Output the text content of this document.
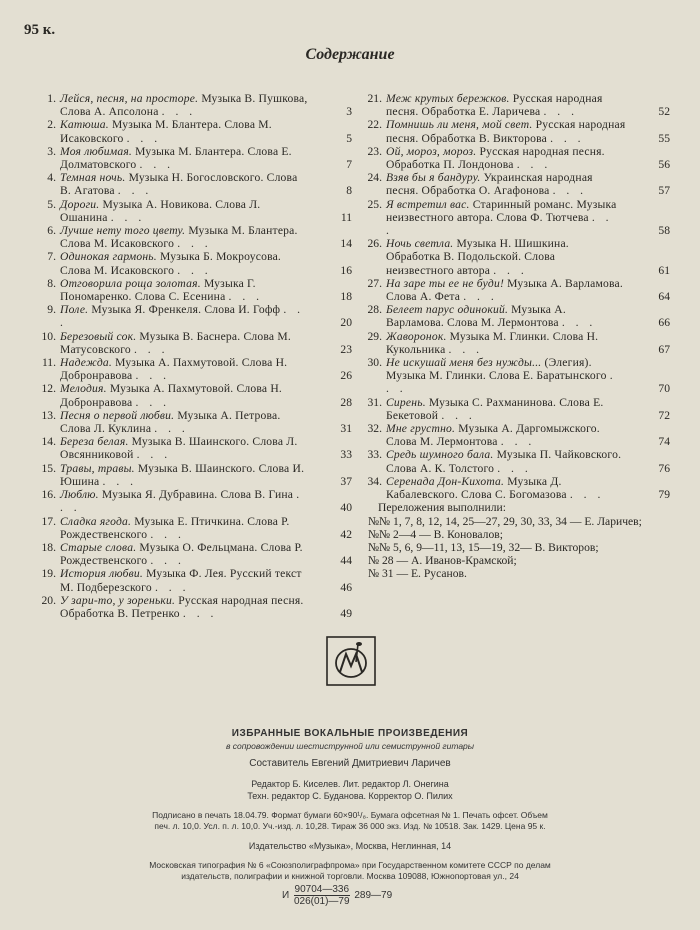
95 к.
Содержание
1. Лейся, песня, на просторе. Музыка В. Пушкова, Слова А. Апсолона . . .	3
2. Катюша. Музыка М. Блантера. Слова М. Исаковского . . .	5
3. Моя любимая. Музыка М. Блантера. Слова Е. Долматовского . . .	7
4. Темная ночь. Музыка Н. Богословского. Слова В. Агатова . . .	8
5. Дороги. Музыка А. Новикова. Слова Л. Ошанина . . .	11
6. Лучше нету того цвету. Музыка М. Блантера. Слова М. Исаковского . . .	14
7. Одинокая гармонь. Музыка Б. Мокроусова. Слова М. Исаковского . . .	16
8. Отговорила роща золотая. Музыка Г. Пономаренко. Слова С. Есенина . . .	18
9. Поле. Музыка Я. Френкеля. Слова И. Гофф . . .	20
10. Березовый сок. Музыка В. Баснера. Слова М. Матусовского . . .	23
11. Надежда. Музыка А. Пахмутовой. Слова Н. Добронравова . . .	26
12. Мелодия. Музыка А. Пахмутовой. Слова Н. Добронравова . . .	28
13. Песня о первой любви. Музыка А. Петрова. Слова Л. Куклина . . .	31
14. Береза белая. Музыка В. Шаинского. Слова Л. Овсянниковой . . .	33
15. Травы, травы. Музыка В. Шаинского. Слова И. Юшина . . .	37
16. Люблю. Музыка Я. Дубравина. Слова В. Гина . . .	40
17. Сладка ягода. Музыка Е. Птичкина. Слова Р. Рождественского . . .	42
18. Старые слова. Музыка О. Фельцмана. Слова Р. Рождественского . . .	44
19. История любви. Музыка Ф. Лея. Русский текст М. Подберезского . . .	46
20. У зари-то, у зореньки. Русская народная песня. Обработка В. Петренко . . .	49
21. Меж крутых бережков. Русская народная песня. Обработка Е. Ларичева . . .	52
22. Помнишь ли меня, мой свет. Русская народная песня. Обработка В. Викторова . . .	55
23. Ой, мороз, мороз. Русская народная песня. Обработка П. Лондонова . . .	56
24. Взяв бы я бандуру. Украинская народная песня. Обработка О. Агафонова . . .	57
25. Я встретил вас. Старинный романс. Музыка неизвестного автора. Слова Ф. Тютчева . . .	58
26. Ночь светла. Музыка Н. Шишкина. Обработка В. Подольской. Слова неизвестного автора . . .	61
27. На заре ты ее не буди! Музыка А. Варламова. Слова А. Фета . . .	64
28. Белеет парус одинокий. Музыка А. Варламова. Слова М. Лермонтова . . .	66
29. Жаворонок. Музыка М. Глинки. Слова Н. Кукольника . . .	67
30. Не искушай меня без нужды... (Элегия). Музыка М. Глинки. Слова Е. Баратынского . . .	70
31. Сирень. Музыка С. Рахманинова. Слова Е. Бекетовой . . .	72
32. Мне грустно. Музыка А. Даргомыжского. Слова М. Лермонтова . . .	74
33. Средь шумного бала. Музыка П. Чайковского. Слова А. К. Толстого . . .	76
34. Серенада Дон-Кихота. Музыка Д. Кабалевского. Слова С. Богомазова . . .	79
Переложения выполнили:
№№ 1, 7, 8, 12, 14, 25—27, 29, 30, 33, 34 — Е. Ларичев;
№№ 2—4 — В. Коновалов;
№№ 5, 6, 9—11, 13, 15—19, 32— В. Викторов;
№ 28 — А. Иванов-Крамской;
№ 31 — Е. Русанов.
ИЗБРАННЫЕ ВОКАЛЬНЫЕ ПРОИЗВЕДЕНИЯ
в сопровождении шестиструнной или семиструнной гитары
Составитель Евгений Дмитриевич Ларичев
Редактор Б. Киселев. Лит. редактор Л. Онегина
Техн. редактор С. Буданова. Корректор О. Пилих
Подписано в печать 18.04.79. Формат бумаги 60×90¹/₈. Бумага офсетная № 1. Печать офсет. Объем
печ. л. 10,0. Усл. п. л. 10,0. Уч.-изд. л. 10,28. Тираж 36 000 экз. Изд. № 10518. Зак. 1429. Цена 95 к.
Издательство «Музыка», Москва, Неглинная, 14
Московская типография № 6 «Союзполиграфпрома» при Государственном комитете СССР по делам
издательств, полиграфии и книжной торговли. Москва 109088, Южнопортовая ул., 24
И $\frac{90704—336}{026(01)—79}$ 289—79
